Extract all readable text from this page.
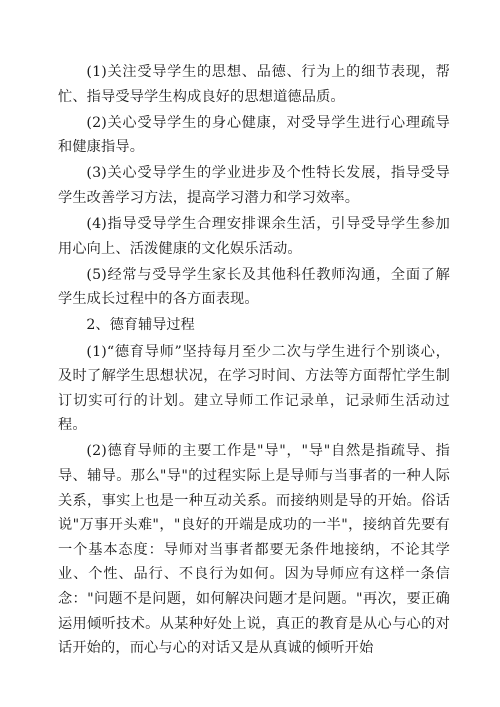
(1)关注受导学生的思想、品德、行为上的细节表现，帮忙、指导受导学生构成良好的思想道德品质。

(2)关心受导学生的身心健康，对受导学生进行心理疏导和健康指导。

(3)关心受导学生的学业进步及个性特长发展，指导受导学生改善学习方法，提高学习潜力和学习效率。

(4)指导受导学生合理安排课余生活，引导受导学生参加用心向上、活泼健康的文化娱乐活动。

(5)经常与受导学生家长及其他科任教师沟通，全面了解学生成长过程中的各方面表现。

2、德育辅导过程

(1)“德育导师”坚持每月至少二次与学生进行个别谈心，及时了解学生思想状况，在学习时间、方法等方面帮忙学生制订切实可行的计划。建立导师工作记录单，记录师生活动过程。

(2)德育导师的主要工作是"导"，"导"自然是指疏导、指导、辅导。那么"导"的过程实际上是导师与当事者的一种人际关系，事实上也是一种互动关系。而接纳则是导的开始。俗话说"万事开头难"，"良好的开端是成功的一半"，接纳首先要有一个基本态度：导师对当事者都要无条件地接纳，不论其学业、个性、品行、不良行为如何。因为导师应有这样一条信念："问题不是问题，如何解决问题才是问题。"再次，要正确运用倾听技术。从某种好处上说，真正的教育是从心与心的对话开始的，而心与心的对话又是从真诚的倾听开始
